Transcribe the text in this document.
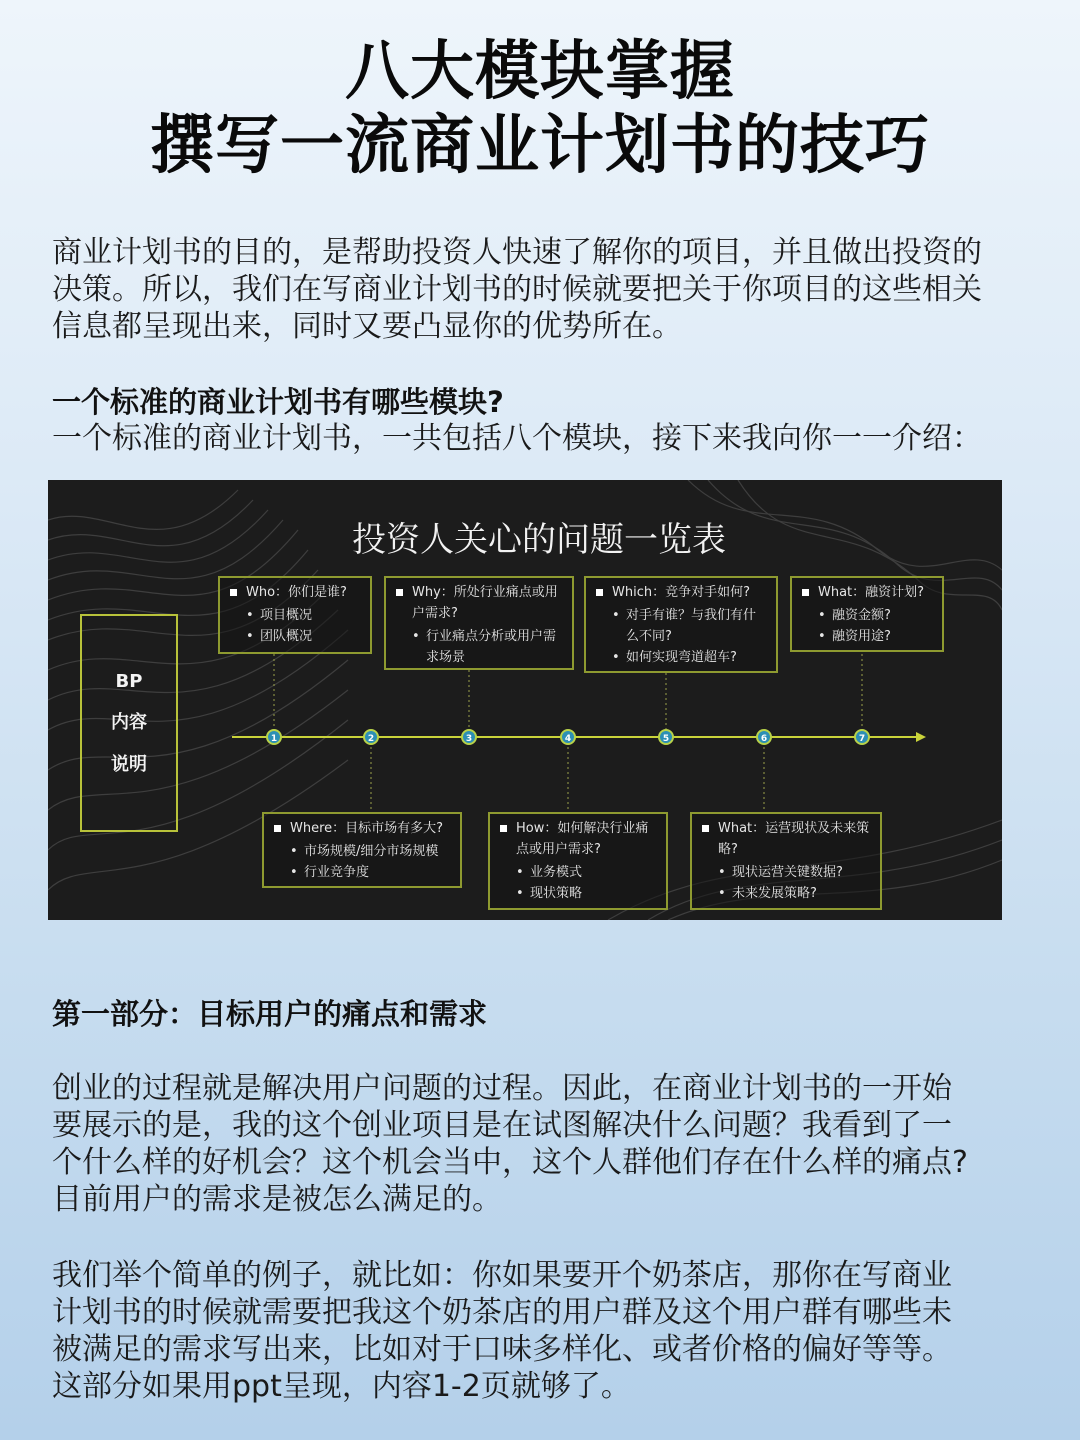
八大模块掌握
撰写一流商业计划书的技巧
商业计划书的目的，是帮助投资人快速了解你的项目，并且做出投资的
决策。所以，我们在写商业计划书的时候就要把关于你项目的这些相关
信息都呈现出来，同时又要凸显你的优势所在。
一个标准的商业计划书有哪些模块?
一个标准的商业计划书，一共包括八个模块，接下来我向你一一介绍：
投资人关心的问题一览表
BP
内容
说明
1	2	3	4	5	6	7
Who：你们是谁?
• 项目概况
• 团队概况
Why：所处行业痛点或用户需求?
• 行业痛点分析或用户需求场景
Which：竞争对手如何?
• 对手有谁？与我们有什么不同?
• 如何实现弯道超车?
What：融资计划?
• 融资金额?
• 融资用途?
Where：目标市场有多大?
• 市场规模/细分市场规模
• 行业竞争度
How：如何解决行业痛点或用户需求?
• 业务模式
• 现状策略
What：运营现状及未来策略?
• 现状运营关键数据?
• 未来发展策略?
第一部分：目标用户的痛点和需求
创业的过程就是解决用户问题的过程。因此，在商业计划书的一开始
要展示的是，我的这个创业项目是在试图解决什么问题？我看到了一
个什么样的好机会？这个机会当中，这个人群他们存在什么样的痛点?
目前用户的需求是被怎么满足的。
我们举个简单的例子，就比如：你如果要开个奶茶店，那你在写商业
计划书的时候就需要把我这个奶茶店的用户群及这个用户群有哪些未
被满足的需求写出来，比如对于口味多样化、或者价格的偏好等等。
这部分如果用ppt呈现，内容1-2页就够了。
